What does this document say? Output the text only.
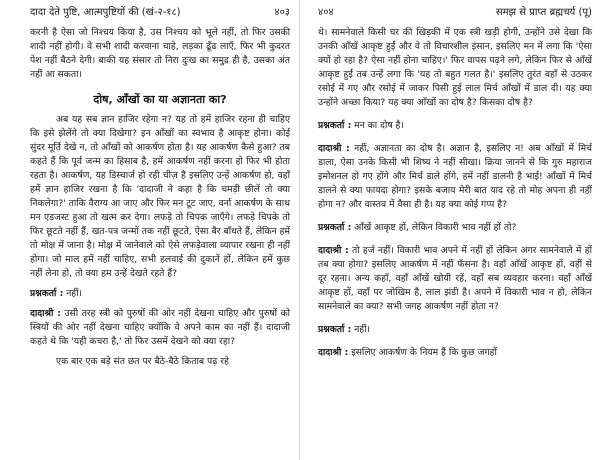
दादा देते पुष्टि, आत्मपुष्टियों की (खं-२-१८)	४०३

करनी है ऐसा जो निश्चय किया है, उस निश्चय को भूले नहीं, तो फिर उसकी शादी नहीं होगी। वे सभी शादी करवाना चाहे, लड़का ढूँढ लाएँ, फिर भी कुदरत पेश नहीं बैठने देगी। बाकी यह संसार तो निरा दुःख का समुद्र ही है, उसका अंत नहीं आ सकता।

दोष, आँखों का या अज्ञानता का?

अब यह सब ज्ञान हाजिर रहेगा न? यह तो हमें हाजिर रहना ही चाहिए कि इसे झेलेंगे तो क्या दिखेगा? इन आँखों का स्वभाव है आकृष्ट होना। कोई सुंदर मूर्ति देखे न, तो आँखों को आकर्षण होता है। यह आकर्षण कैसे हुआ? तब कहते हैं कि पूर्व जन्म का हिसाब है, हमें आकर्षण नहीं करना हो फिर भी होता रहता है। आकर्षण, यह डिस्चार्ज हो रही चीज़ है इसलिए उन्हें आकर्षण हो, वहाँ हमें ज्ञान हाजिर रखना है कि 'दादाजी ने कहा है कि चमड़ी छीलें तो क्या निकलेगा?' ताकि वैराग्य आ जाए और फिर मन टूट जाए, वर्ना आकर्षण के साथ मन एडजस्ट हुआ तो खत्म कर देगा। लफड़े तो चिपक जाएँगे। लफड़े चिपके तो फिर छूटते नहीं हैं, खत-पत्र जन्मों तक नहीं छूटते, ऐसा बैर बाँधते हैं, लेकिन हमें तो मोक्ष में जाना है। मोक्ष में जानेवाले को ऐसे लफड़ेवाला व्यापार रखना ही नहीं होगा। जो माल हमें नहीं चाहिए, सभी हलवाई की दुकानें हों, लेकिन हमें कुछ नहीं लेना हो, तो क्या हम उन्हें देखते रहते हैं?

प्रश्नकर्ता : नहीं।

दादाश्री : उसी तरह स्त्री को पुरुषों की ओर नहीं देखना चाहिए और पुरुषों को स्त्रियों की ओर नहीं देखना चाहिए क्योंकि वे अपने काम का नहीं हैं। दादाजी कहते थे कि 'यही कचरा है,' तो फिर उसमें देखने को क्या रहा?

एक बार एक बड़े संत छत पर बैठे-बैठे किताब पढ़ रहे

४०४	समझ से प्राप्त ब्रह्मचर्य (पू)

थे। सामनेवाले किसी घर की खिड़की में एक स्त्री खड़ी होगी, उन्होंने उसे देखा कि उनकी आँखें आकृष्ट हुईं और वे तो विचारशील इंसान, इसलिए मन में लगा कि 'ऐसा क्यों हो रहा है? ऐसा नहीं होना चाहिए।' फिर वापस पढ़ने लगे, लेकिन फिर से आँखें आकृष्ट हुईं तब उन्हें लगा कि 'यह तो बहुत गलत है।' इसलिए तुरंत वहाँ से उठकर रसोई में गए और रसोई में जाकर पिसी हुई लाल मिर्च आँखों में डाल दी। यह क्या उन्होंने अच्छा किया? यह क्या आँखों का दोष है? किसका दोष है?

प्रश्नकर्ता : मन का दोष है।

दादाश्री : नहीं, अज्ञानता का दोष है। अज्ञान है, इसलिए न! अब आँखों में मिर्च डाला, ऐसा उनके किसी भी शिष्य ने नहीं सीखा। क्रिया जानने से कि गुरु महाराज इमोशनल हो गए होंगे और मिर्च डाले होंगे, हमें नहीं डालनी है भाई! आँखों में मिर्च डालने से क्या फायदा होगा? इसके बजाय मेरी बात याद रहे तो मोह अपना ही नहीं होगा न? और वास्तव में वैसा ही है। यह क्या कोई गप्प है?

प्रश्नकर्ता : आँखें आकृष्ट हों, लेकिन विकारी भाव नहीं हों तो?

दादाश्री : तो हर्ज नहीं। विकारी भाव अपने में नहीं हों लेकिन अगर सामनेवाले में हों तब क्या होगा? इसलिए आकर्षण में नहीं फँसना है। वहाँ आँखें आकृष्ट हों, वहीं से दूर रहना। अन्य कहाँ, वहाँ आँखें खोयी रहें, वहाँ सब व्यवहार करना। वहाँ आँखें आकृष्ट हों, वहाँ पर जोखिम है, लाल झंडी है। अपने में विकारी भाव न हो, लेकिन सामनेवाले का क्या? सभी जगह आकर्षण नहीं होता न?

प्रश्नकर्ता : नहीं।

दादाश्री : इसलिए आकर्षण के नियम हैं कि कुछ जगहों
